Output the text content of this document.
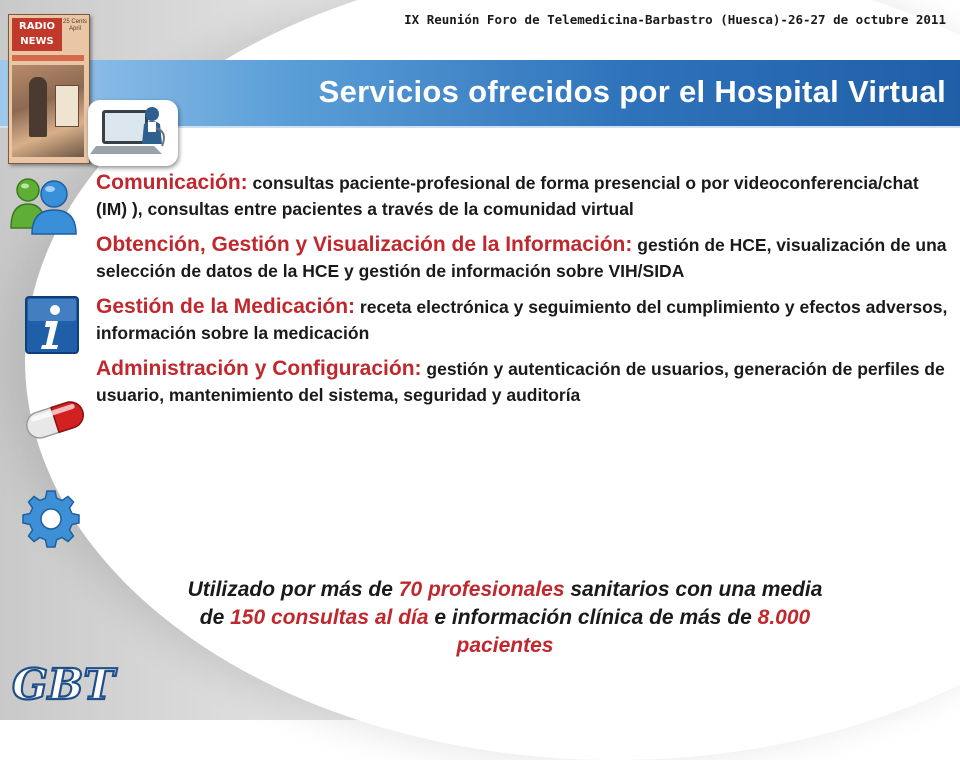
IX Reunión Foro de Telemedicina-Barbastro (Huesca)-26-27 de octubre 2011
Servicios ofrecidos por el Hospital Virtual
RADIO
NEWS
25 Cents
April
Comunicación: consultas paciente-profesional de forma presencial o por videoconferencia/chat (IM) ), consultas entre pacientes a través de la comunidad virtual
Obtención, Gestión y Visualización de la Información: gestión de HCE, visualización de una selección de datos de la HCE y gestión de información sobre VIH/SIDA
Gestión de la Medicación: receta electrónica y seguimiento del cumplimiento y efectos adversos, información sobre la medicación
Administración y Configuración: gestión y autenticación de usuarios, generación de perfiles de usuario, mantenimiento del sistema, seguridad y auditoría
Utilizado por más de 70 profesionales sanitarios con una media de 150 consultas al día e información clínica de más de 8.000 pacientes
GBT
